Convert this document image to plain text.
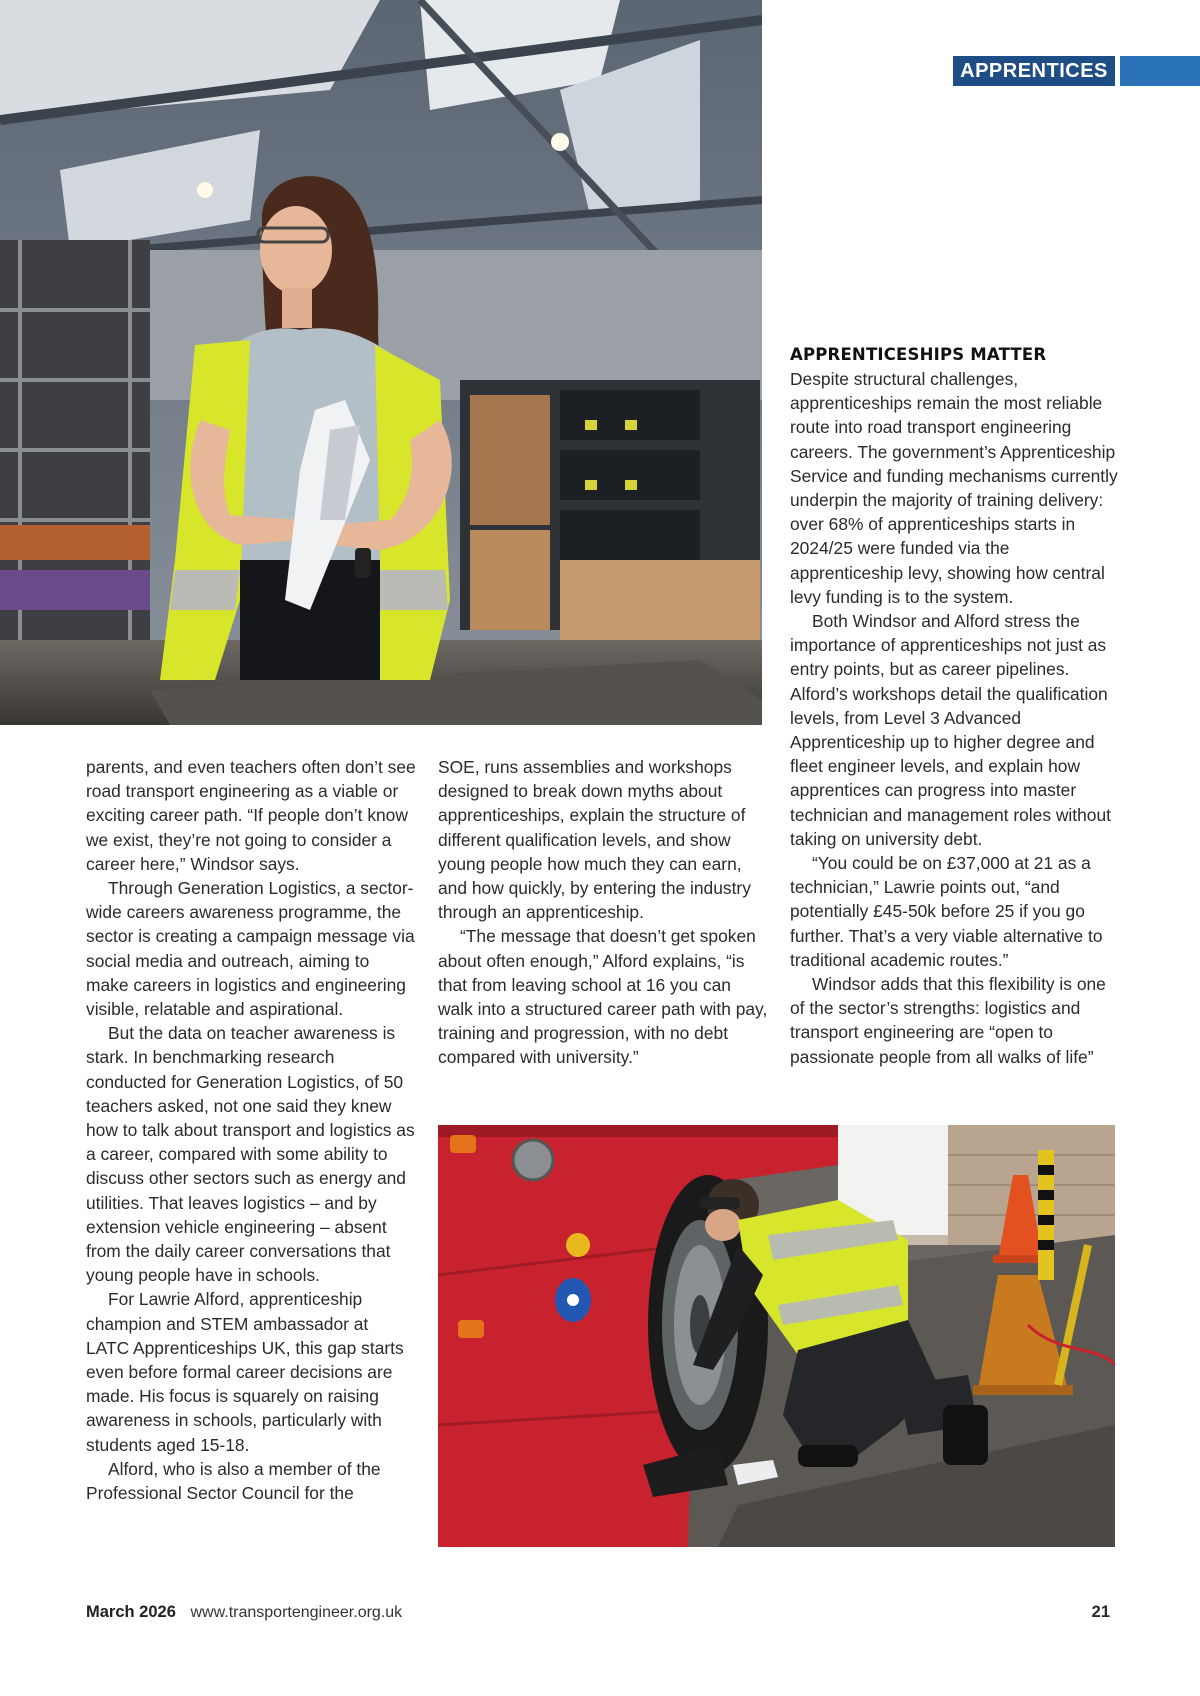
APPRENTICES

parents, and even teachers often don’t see road transport engineering as a viable or exciting career path. “If people don’t know we exist, they’re not going to consider a career here,” Windsor says.

Through Generation Logistics, a sector-wide careers awareness programme, the sector is creating a campaign message via social media and outreach, aiming to make careers in logistics and engineering visible, relatable and aspirational.

But the data on teacher awareness is stark. In benchmarking research conducted for Generation Logistics, of 50 teachers asked, not one said they knew how to talk about transport and logistics as a career, compared with some ability to discuss other sectors such as energy and utilities. That leaves logistics – and by extension vehicle engineering – absent from the daily career conversations that young people have in schools.

For Lawrie Alford, apprenticeship champion and STEM ambassador at LATC Apprenticeships UK, this gap starts even before formal career decisions are made. His focus is squarely on raising awareness in schools, particularly with students aged 15-18.

Alford, who is also a member of the Professional Sector Council for the

SOE, runs assemblies and workshops designed to break down myths about apprenticeships, explain the structure of different qualification levels, and show young people how much they can earn, and how quickly, by entering the industry through an apprenticeship.

“The message that doesn’t get spoken about often enough,” Alford explains, “is that from leaving school at 16 you can walk into a structured career path with pay, training and progression, with no debt compared with university.”

APPRENTICESHIPS MATTER

Despite structural challenges, apprenticeships remain the most reliable route into road transport engineering careers. The government’s Apprenticeship Service and funding mechanisms currently underpin the majority of training delivery: over 68% of apprenticeships starts in 2024/25 were funded via the apprenticeship levy, showing how central levy funding is to the system.

Both Windsor and Alford stress the importance of apprenticeships not just as entry points, but as career pipelines. Alford’s workshops detail the qualification levels, from Level 3 Advanced Apprenticeship up to higher degree and fleet engineer levels, and explain how apprentices can progress into master technician and management roles without taking on university debt.

“You could be on £37,000 at 21 as a technician,” Lawrie points out, “and potentially £45-50k before 25 if you go further. That’s a very viable alternative to traditional academic routes.”

Windsor adds that this flexibility is one of the sector’s strengths: logistics and transport engineering are “open to passionate people from all walks of life”

March 2026 www.transportengineer.org.uk	21
